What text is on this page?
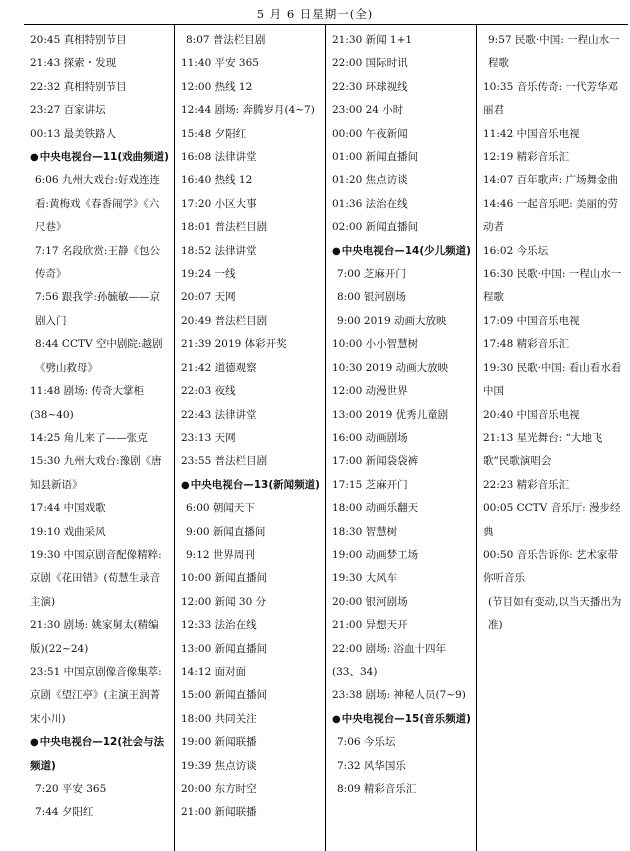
5 月 6 日星期一(全)
20:45 真相特别节目
21:43 探索・发现
22:32 真相特别节目
23:27 百家讲坛
00:13 最美铁路人
●中央电视台—11(戏曲频道)
6:06 九州大戏台:好戏连连看:黄梅戏《春香闹学》《六尺巷》
7:17 名段欣赏:王静《包公传奇》
7:56 跟我学:孙毓敏——京剧入门
8:44 CCTV 空中剧院:越剧《劈山救母》
11:48 剧场: 传奇大掌柜(38~40)
14:25 角儿来了——张克
15:30 九州大戏台:豫剧《唐知县新语》
17:44 中国戏歌
19:10 戏曲采风
19:30 中国京剧音配像精粹:京剧《花田错》(荀慧生录音主演)
21:30 剧场: 姚家舅太(精编版)(22~24)
23:51 中国京剧像音像集萃:京剧《望江亭》(主演王润菁宋小川)
●中央电视台—12(社会与法频道)
7:20 平安 365
7:44 夕阳红
8:07 普法栏目剧
11:40 平安 365
12:00 热线 12
12:44 剧场: 奔腾岁月(4~7)
15:48 夕阳红
16:08 法律讲堂
16:40 热线 12
17:20 小区大事
18:01 普法栏目剧
18:52 法律讲堂
19:24 一线
20:07 天网
20:49 普法栏目剧
21:39 2019 体彩开奖
21:42 道德观察
22:03 夜线
22:43 法律讲堂
23:13 天网
23:55 普法栏目剧
●中央电视台—13(新闻频道)
6:00 朝闻天下
9:00 新闻直播间
9:12 世界周刊
10:00 新闻直播间
12:00 新闻 30 分
12:33 法治在线
13:00 新闻直播间
14:12 面对面
15:00 新闻直播间
18:00 共同关注
19:00 新闻联播
19:39 焦点访谈
20:00 东方时空
21:00 新闻联播
21:30 新闻 1+1
22:00 国际时讯
22:30 环球视线
23:00 24 小时
00:00 午夜新闻
01:00 新闻直播间
01:20 焦点访谈
01:36 法治在线
02:00 新闻直播间
●中央电视台—14(少儿频道)
7:00 芝麻开门
8:00 银河剧场
9:00 2019 动画大放映
10:00 小小智慧树
10:30 2019 动画大放映
12:00 动漫世界
13:00 2019 优秀儿童剧
16:00 动画剧场
17:00 新闻袋袋裤
17:15 芝麻开门
18:00 动画乐翻天
18:30 智慧树
19:00 动画梦工场
19:30 大风车
20:00 银河剧场
21:00 异想天开
22:00 剧场: 浴血十四年(33、34)
23:38 剧场: 神秘人员(7~9)
●中央电视台—15(音乐频道)
7:06 今乐坛
7:32 风华国乐
8:09 精彩音乐汇
9:57 民歌·中国: 一程山水一程歌
10:35 音乐传奇: 一代芳华邓丽君
11:42 中国音乐电视
12:19 精彩音乐汇
14:07 百年歌声: 广场舞金曲
14:46 一起音乐吧: 美丽的劳动者
16:02 今乐坛
16:30 民歌·中国: 一程山水一程歌
17:09 中国音乐电视
17:48 精彩音乐汇
19:30 民歌·中国: 看山看水看中国
20:40 中国音乐电视
21:13 星光舞台: “大地飞歌”民歌演唱会
22:23 精彩音乐汇
00:05 CCTV 音乐厅: 漫步经典
00:50 音乐告诉你: 艺术家带你听音乐
(节目如有变动,以当天播出为准)
